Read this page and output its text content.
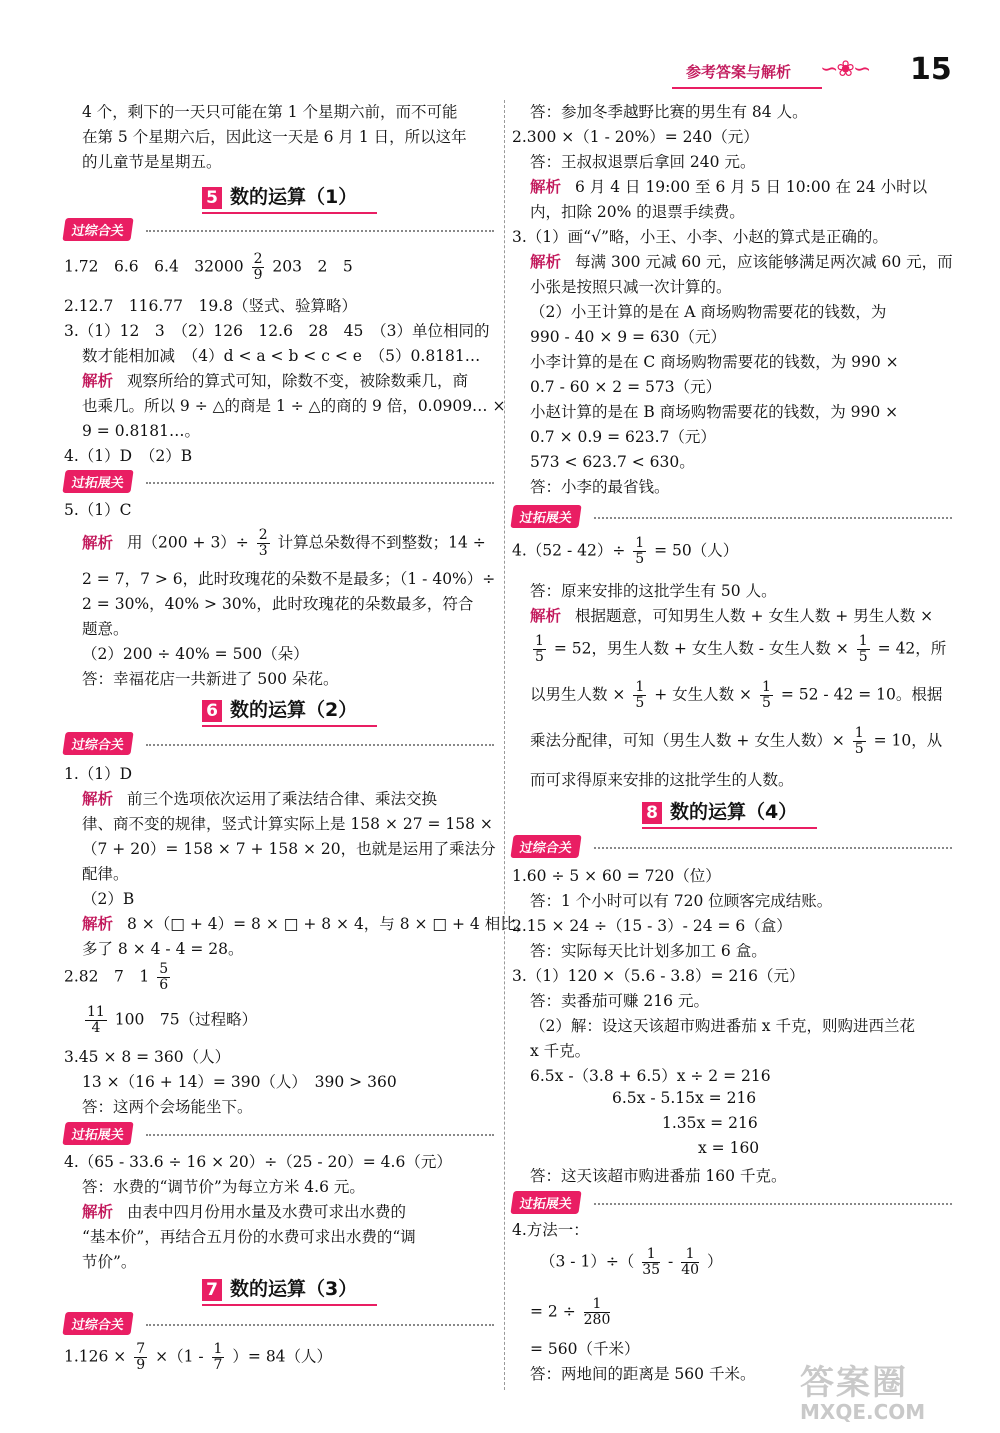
参考答案与解析 ∽❀∽ 15
4 个，剩下的一天只可能在第 1 个星期六前，而不可能
在第 5 个星期六后，因此这一天是 6 月 1 日，所以这年
的儿童节是星期五。
5 数的运算（1）
过综合关
1.72　6.6　6.4　$32000 \frac{2}{9} 203$　2　5
2.12.7　116.77　19.8（竖式、验算略）
3.（1）12　3　（2）126　12.6　28　45　（3）单位相同的
数才能相加减　（4）d < a < b < c < e　（5）0.8181…
解析 观察所给的算式可知，除数不变，被除数乘几，商
也乘几。所以 9 ÷ △的商是 1 ÷ △的商的 9 倍，0.0909… ×
9 = 0.8181…。
4.（1）D　（2）B
过拓展关
5.（1）C
解析 用$(200 + 3)\div \frac{2}{3}$ 计算总朵数得不到整数；14 ÷
2 = 7，7 > 6，此时玫瑰花的朵数不是最多；（1 - 40%）÷
2 = 30%，40% > 30%，此时玫瑰花的朵数最多，符合
题意。
（2）200 ÷ 40% = 500（朵）
答：幸福花店一共新进了 500 朵花。
6 数的运算（2）
过综合关
1.（1）D
解析 前三个选项依次运用了乘法结合律、乘法交换
律、商不变的规律，竖式计算实际上是 158 × 27 = 158 ×
（7 + 20）= 158 × 7 + 158 × 20，也就是运用了乘法分
配律。
（2）B
解析 8 ×（□ + 4）= 8 × □ + 8 × 4，与 8 × □ + 4 相比，
多了 8 × 4 - 4 = 28。
2.82　7　$1 \frac{5}{6}$
$\frac{11}{4} 100$　75（过程略）
3.45 × 8 = 360（人）
13 ×（16 + 14）= 390（人）　390 > 360
答：这两个会场能坐下。
过拓展关
4.（65 - 33.6 ÷ 16 × 20）÷（25 - 20）= 4.6（元）
答：水费的“调节价”为每立方米 4.6 元。
解析 由表中四月份用水量及水费可求出水费的
“基本价”，再结合五月份的水费可求出水费的“调
节价”。
7 数的运算（3）
过综合关
$1.126 \times \frac{7}{9} \times(1 - \frac{1}{7}$ ）= 84（人）
答：参加冬季越野比赛的男生有 84 人。
2.300 ×（1 - 20%）= 240（元）
答：王叔叔退票后拿回 240 元。
解析 6 月 4 日 19:00 至 6 月 5 日 10:00 在 24 小时以
内，扣除 20% 的退票手续费。
3.（1）画“√”略，小王、小李、小赵的算式是正确的。
解析 每满 300 元减 60 元，应该能够满足两次减 60 元，而
小张是按照只减一次计算的。
（2）小王计算的是在 A 商场购物需要花的钱数，为
990 - 40 × 9 = 630（元）
小李计算的是在 C 商场购物需要花的钱数，为 990 ×
0.7 - 60 × 2 = 573（元）
小赵计算的是在 B 商场购物需要花的钱数，为 990 ×
0.7 × 0.9 = 623.7（元）
573 < 623.7 < 630。
答：小李的最省钱。
过拓展关
$4.(52 - 42)\div \frac{1}{5} = 50$（人）
答：原来安排的这批学生有 50 人。
解析 根据题意，可知男生人数 + 女生人数 + 男生人数 ×
$\frac{1}{5} = 52$，男生人数 + 女生人数 - 女生人数 × $\frac{1}{5} = 42$，所
以男生人数 × $\frac{1}{5}$ + 女生人数 × $\frac{1}{5} = 52 - 42 = 10$。根据
乘法分配律，可知（男生人数 + 女生人数）× $\frac{1}{5} = 10$，从
而可求得原来安排的这批学生的人数。
8 数的运算（4）
过综合关
1.60 ÷ 5 × 60 = 720（位）
答：1 个小时可以有 720 位顾客完成结账。
2.15 × 24 ÷（15 - 3）- 24 = 6（盒）
答：实际每天比计划多加工 6 盒。
3.（1）120 ×（5.6 - 3.8）= 216（元）
答：卖番茄可赚 216 元。
（2）解：设这天该超市购进番茄 x 千克，则购进西兰花
x 千克。
6.5x -（3.8 + 6.5）x ÷ 2 = 216
6.5x - 5.15x = 216
1.35x = 216
x = 160
答：这天该超市购进番茄 160 千克。
过拓展关
4.方法一：
$(3 - 1)\div( \frac{1}{35} - \frac{1}{40}$ ）
= $2 \div \frac{1}{280}$
= 560（千米）
答：两地间的距离是 560 千米。 答案圈
MXQE.COM
